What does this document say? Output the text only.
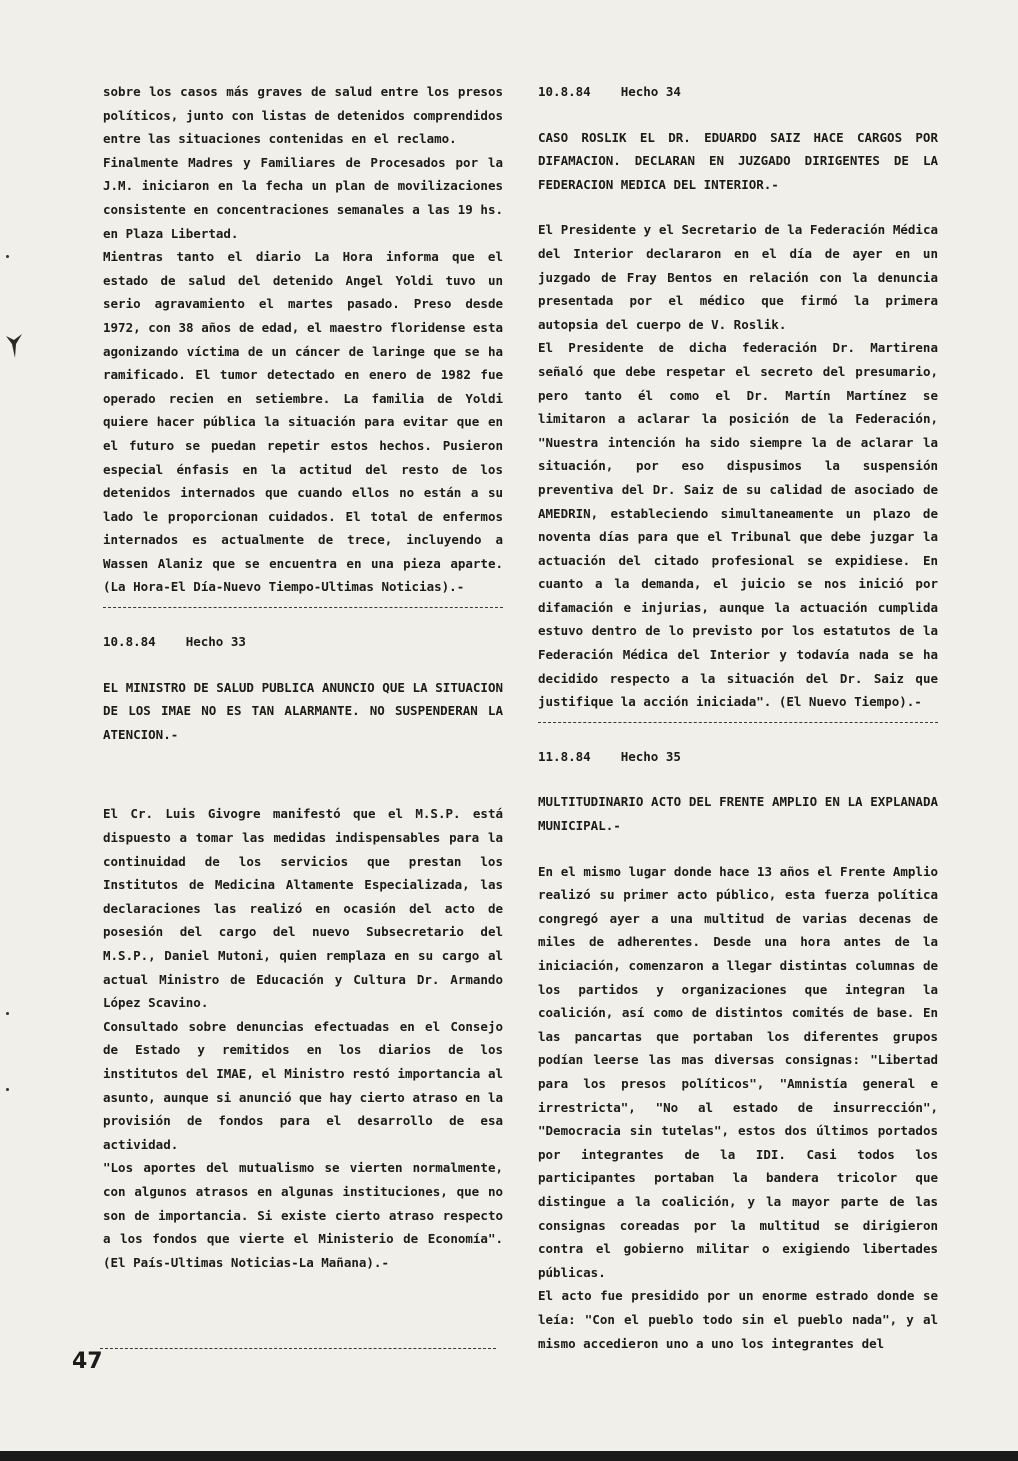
sobre los casos más graves de salud entre los presos políticos, junto con listas de detenidos comprendidos entre las situaciones contenidas en el reclamo.

Finalmente Madres y Familiares de Procesados por la J.M. iniciaron en la fecha un plan de movilizaciones consistente en concentraciones semanales a las 19 hs. en Plaza Libertad.

Mientras tanto el diario La Hora informa que el estado de salud del detenido Angel Yoldi tuvo un serio agravamiento el martes pasado. Preso desde 1972, con 38 años de edad, el maestro floridense esta agonizando víctima de un cáncer de laringe que se ha ramificado. El tumor detectado en enero de 1982 fue operado recien en setiembre. La familia de Yoldi quiere hacer pública la situación para evitar que en el futuro se puedan repetir estos hechos. Pusieron especial énfasis en la actitud del resto de los detenidos internados que cuando ellos no están a su lado le proporcionan cuidados. El total de enfermos internados es actualmente de trece, incluyendo a Wassen Alaniz que se encuentra en una pieza aparte. (La Hora-El Día-Nuevo Tiempo-Ultimas Noticias).-

10.8.84 Hecho 33

EL MINISTRO DE SALUD PUBLICA ANUNCIO QUE LA SITUACION DE LOS IMAE NO ES TAN ALARMANTE. NO SUSPENDERAN LA ATENCION.-

El Cr. Luis Givogre manifestó que el M.S.P. está dispuesto a tomar las medidas indispensables para la continuidad de los servicios que prestan los Institutos de Medicina Altamente Especializada, las declaraciones las realizó en ocasión del acto de posesión del cargo del nuevo Subsecretario del M.S.P., Daniel Mutoni, quien remplaza en su cargo al actual Ministro de Educación y Cultura Dr. Armando López Scavino.

Consultado sobre denuncias efectuadas en el Consejo de Estado y remitidos en los diarios de los institutos del IMAE, el Ministro restó importancia al asunto, aunque si anunció que hay cierto atraso en la provisión de fondos para el desarrollo de esa actividad.

"Los aportes del mutualismo se vierten normalmente, con algunos atrasos en algunas instituciones, que no son de importancia. Si existe cierto atraso respecto a los fondos que vierte el Ministerio de Economía". (El País-Ultimas Noticias-La Mañana).-

10.8.84 Hecho 34

CASO ROSLIK EL DR. EDUARDO SAIZ HACE CARGOS POR DIFAMACION. DECLARAN EN JUZGADO DIRIGENTES DE LA FEDERACION MEDICA DEL INTERIOR.-

El Presidente y el Secretario de la Federación Médica del Interior declararon en el día de ayer en un juzgado de Fray Bentos en relación con la denuncia presentada por el médico que firmó la primera autopsia del cuerpo de V. Roslik.

El Presidente de dicha federación Dr. Martirena señaló que debe respetar el secreto del presumario, pero tanto él como el Dr. Martín Martínez se limitaron a aclarar la posición de la Federación, "Nuestra intención ha sido siempre la de aclarar la situación, por eso dispusimos la suspensión preventiva del Dr. Saiz de su calidad de asociado de AMEDRIN, estableciendo simultaneamente un plazo de noventa días para que el Tribunal que debe juzgar la actuación del citado profesional se expidiese. En cuanto a la demanda, el juicio se nos inició por difamación e injurias, aunque la actuación cumplida estuvo dentro de lo previsto por los estatutos de la Federación Médica del Interior y todavía nada se ha decidido respecto a la situación del Dr. Saiz que justifique la acción iniciada". (El Nuevo Tiempo).-

11.8.84 Hecho 35

MULTITUDINARIO ACTO DEL FRENTE AMPLIO EN LA EXPLANADA MUNICIPAL.-

En el mismo lugar donde hace 13 años el Frente Amplio realizó su primer acto público, esta fuerza política congregó ayer a una multitud de varias decenas de miles de adherentes. Desde una hora antes de la iniciación, comenzaron a llegar distintas columnas de los partidos y organizaciones que integran la coalición, así como de distintos comités de base. En las pancartas que portaban los diferentes grupos podían leerse las mas diversas consignas: "Libertad para los presos políticos", "Amnistía general e irrestricta", "No al estado de insurrección", "Democracia sin tutelas", estos dos últimos portados por integrantes de la IDI. Casi todos los participantes portaban la bandera tricolor que distingue a la coalición, y la mayor parte de las consignas coreadas por la multitud se dirigieron contra el gobierno militar o exigiendo libertades públicas.

El acto fue presidido por un enorme estrado donde se leía: "Con el pueblo todo sin el pueblo nada", y al mismo accedieron uno a uno los integrantes del

47
